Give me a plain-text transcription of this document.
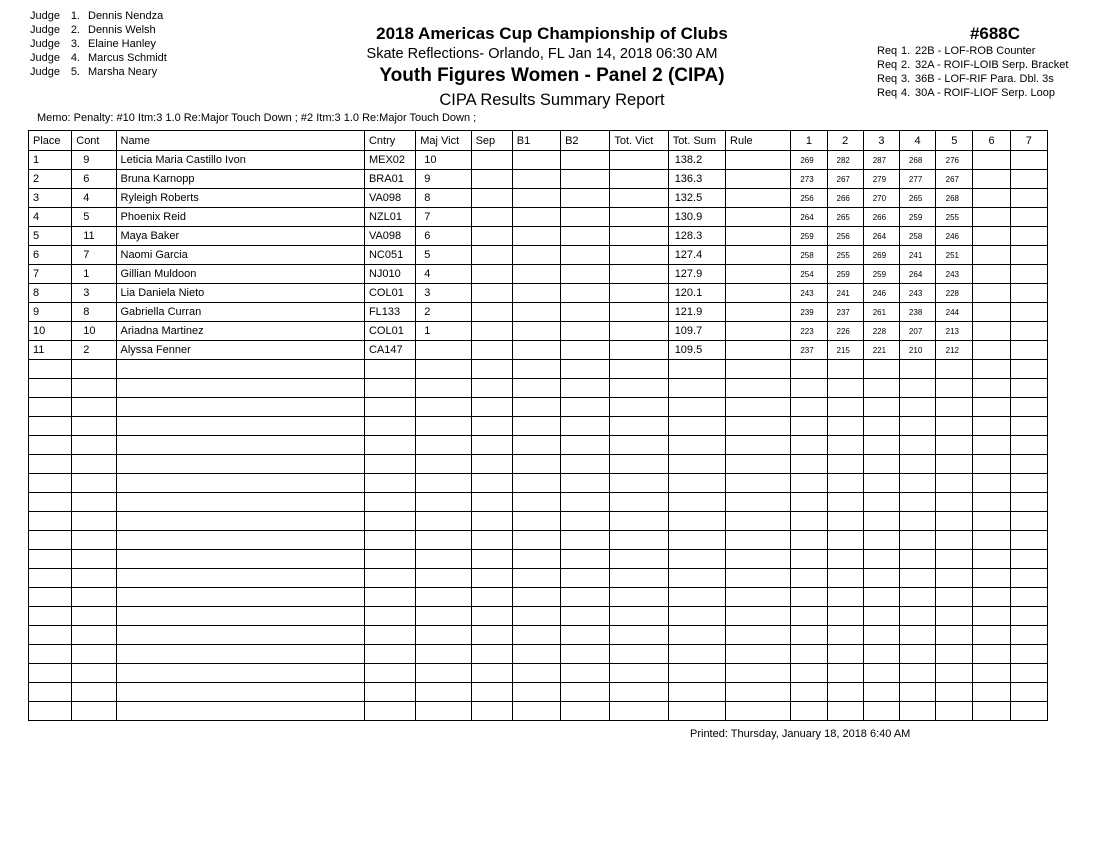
Judge 1. Dennis Nendza
Judge 2. Dennis Welsh
Judge 3. Elaine Hanley
Judge 4. Marcus Schmidt
Judge 5. Marsha Neary
2018 Americas Cup Championship of Clubs
Skate Reflections- Orlando, FL Jan 14, 2018 06:30 AM
Youth Figures Women - Panel 2 (CIPA)
CIPA Results Summary Report
#688C
Req 1. 22B - LOF-ROB Counter
Req 2. 32A - ROIF-LOIB Serp. Bracket
Req 3. 36B - LOF-RIF Para. Dbl. 3s
Req 4. 30A - ROIF-LIOF Serp. Loop
Memo: Penalty: #10 Itm:3 1.0 Re:Major Touch Down ; #2 Itm:3 1.0 Re:Major Touch Down ;
Place	Cont	Name	Cntry	Maj Vict	Sep	B1	B2	Tot. Vict	Tot. Sum	Rule	1	2	3	4	5	6	7
1	9	Leticia Maria Castillo Ivon	MEX02	10					138.2		269	282	287	268	276		
2	6	Bruna Karnopp	BRA01	9					136.3		273	267	279	277	267		
3	4	Ryleigh Roberts	VA098	8					132.5		256	266	270	265	268		
4	5	Phoenix Reid	NZL01	7					130.9		264	265	266	259	255		
5	11	Maya Baker	VA098	6					128.3		259	256	264	258	246		
6	7	Naomi Garcia	NC051	5					127.4		258	255	269	241	251		
7	1	Gillian Muldoon	NJ010	4					127.9		254	259	259	264	243		
8	3	Lia Daniela Nieto	COL01	3					120.1		243	241	246	243	228		
9	8	Gabriella Curran	FL133	2					121.9		239	237	261	238	244		
10	10	Ariadna Martinez	COL01	1					109.7		223	226	228	207	213		
11	2	Alyssa Fenner	CA147						109.5		237	215	221	210	212		

Printed: Thursday, January 18, 2018 6:40 AM
